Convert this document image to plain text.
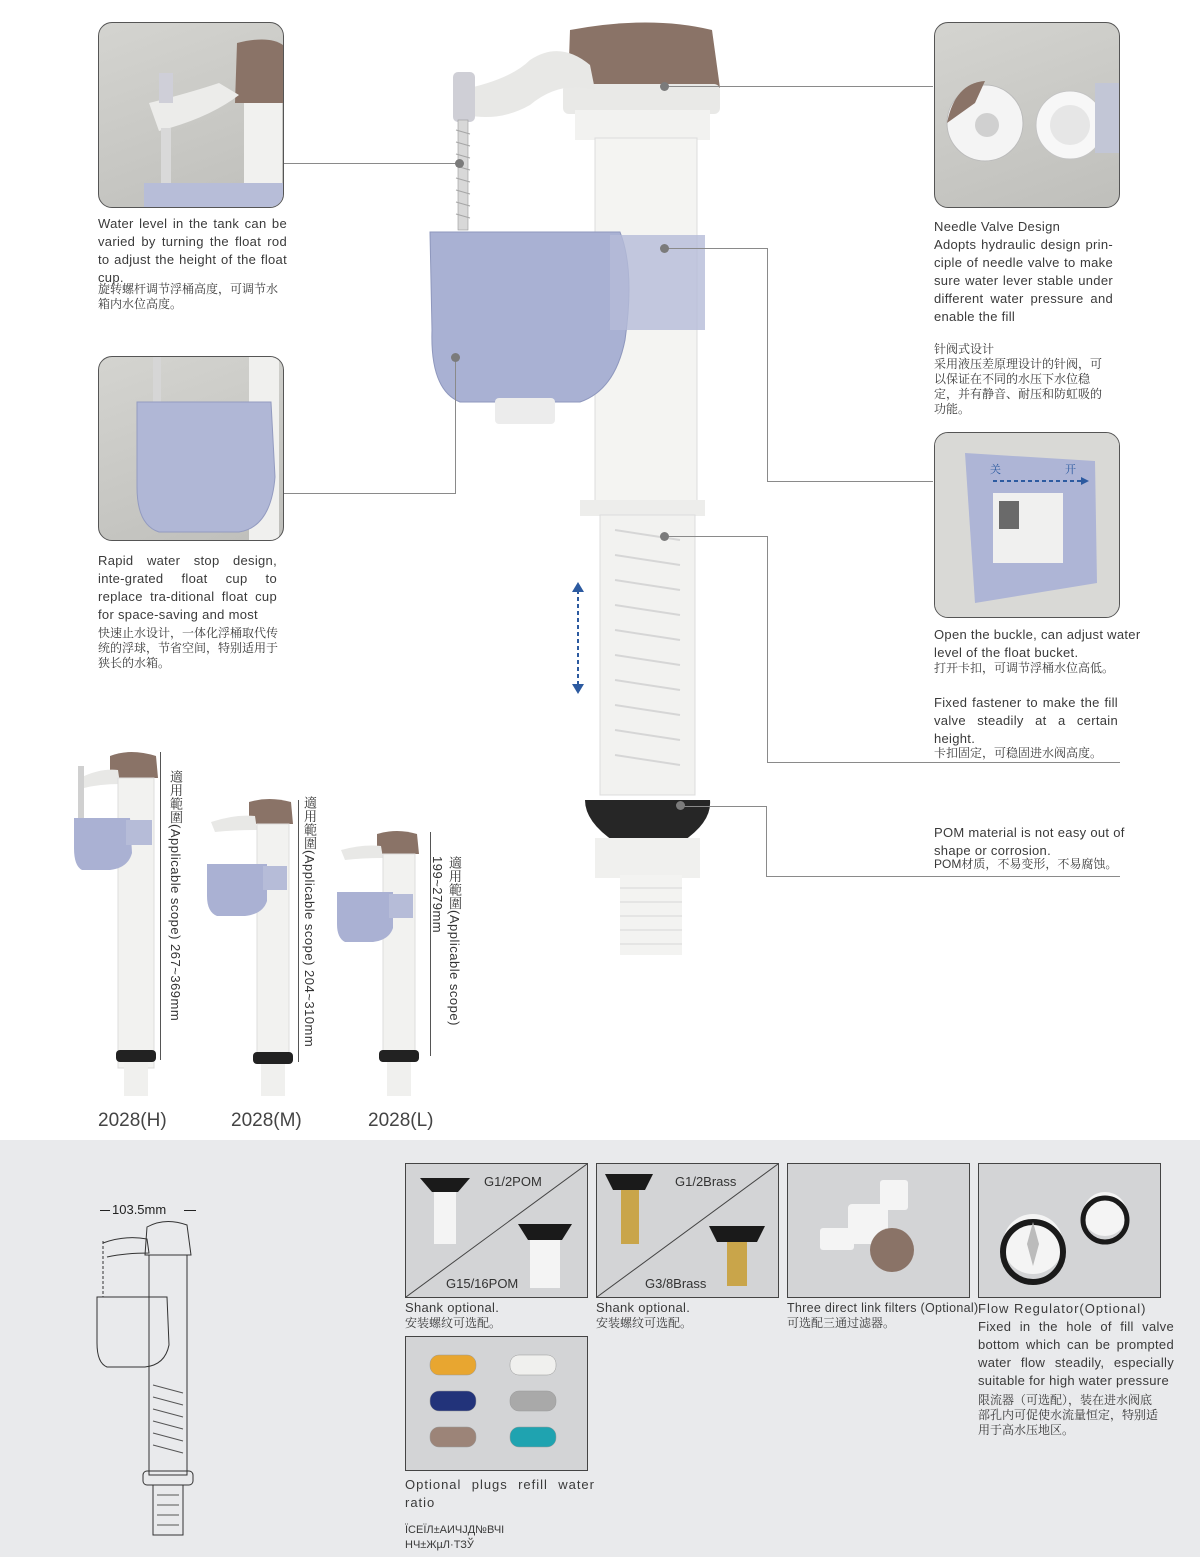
Water level in the tank can be varied by turning the float rod to adjust the height of the float cup.
旋转螺杆调节浮桶高度，可调节水箱内水位高度。
Rapid water stop design, inte-grated float cup to replace tra-ditional float cup for space-saving and most
快速止水设计，一体化浮桶取代传统的浮球，节省空间，特别适用于狭长的水箱。
关	开
Needle Valve Design
Adopts hydraulic design prin-ciple of needle valve to make sure water lever stable under different water pressure and enable the fill
针阀式设计
采用液压差原理设计的针阀，可以保证在不同的水压下水位稳定，并有静音、耐压和防虹吸的功能。
Open the buckle, can adjust water level of the float bucket.
打开卡扣，可调节浮桶水位高低。
Fixed fastener to make the fill valve steadily at a certain height.
卡扣固定，可稳固进水阀高度。
POM material is not easy out of shape or corrosion.
POM材质，不易变形，不易腐蚀。
適用範圍(Applicable scope) 267~369mm	適用範圍(Applicable scope) 204~310mm	適用範圍(Applicable scope) 199~279mm
2028(H)	2028(M)	2028(L)
103.5mm
G1/2POM
G15/16POM
Shank optional.
安装螺纹可选配。
G1/2Brass
G3/8Brass
Shank optional.
安装螺纹可选配。
Three direct link filters (Optional)
可选配三通过滤器。
Flow Regulator(Optional)
Fixed in the hole of fill valve bottom which can be prompted water flow steadily, especially suitable for high water pressure
限流器（可选配），装在进水阀底部孔内可促使水流量恒定，特别适用于高水压地区。
Optional plugs refill water ratio
ЇСЕЇЛ±АИЧЈД№ВЧІ
НЧ±ЖµЛ·ТЗЎ
